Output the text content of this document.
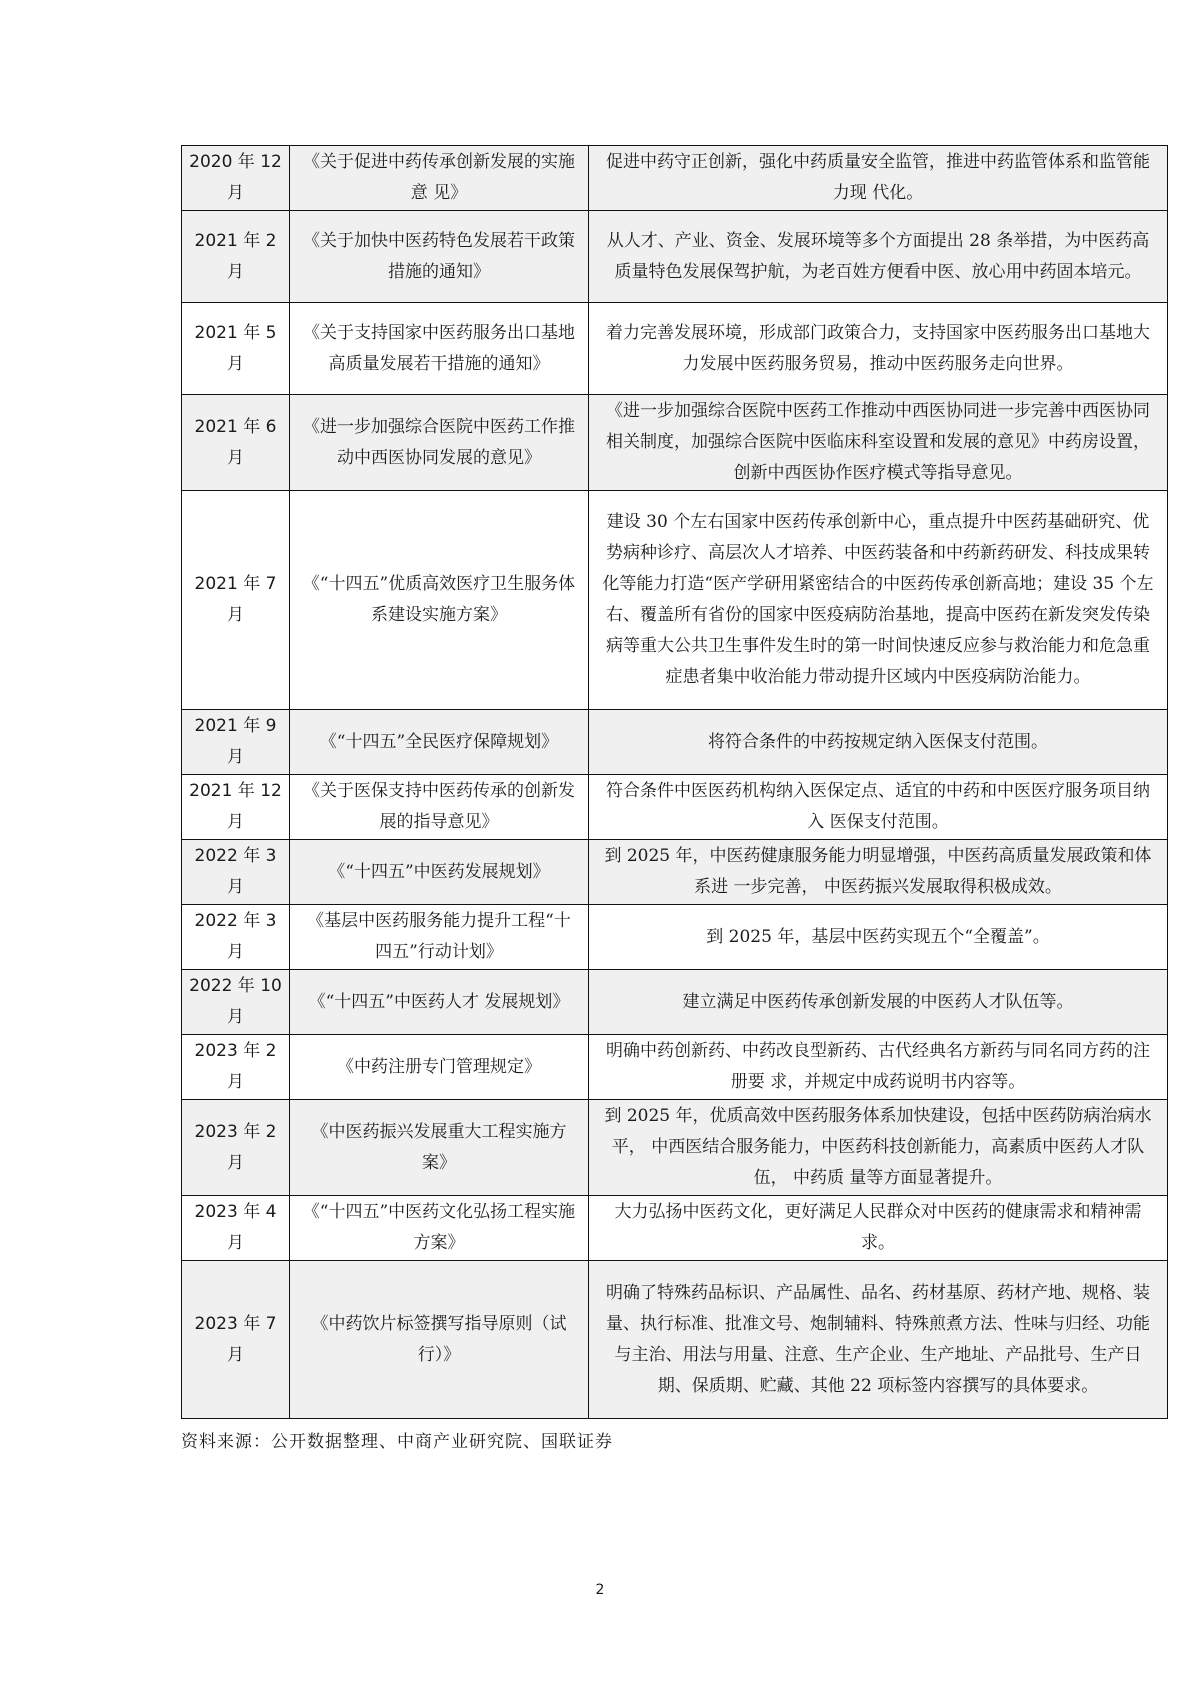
2020 年 12 月	《关于促进中药传承创新发展的实施意 见》	促进中药守正创新，强化中药质量安全监管，推进中药监管体系和监管能力现 代化。
2021 年 2 月	《关于加快中医药特色发展若干政策措施的通知》	从人才、产业、资金、发展环境等多个方面提出 28 条举措，为中医药高质量特色发展保驾护航，为老百姓方便看中医、放心用中药固本培元。
2021 年 5 月	《关于支持国家中医药服务出口基地高质量发展若干措施的通知》	着力完善发展环境，形成部门政策合力，支持国家中医药服务出口基地大力发展中医药服务贸易，推动中医药服务走向世界。
2021 年 6 月	《进一步加强综合医院中医药工作推动中西医协同发展的意见》	《进一步加强综合医院中医药工作推动中西医协同进一步完善中西医协同相关制度，加强综合医院中医临床科室设置和发展的意见》中药房设置，创新中西医协作医疗模式等指导意见。
2021 年 7 月	《“十四五”优质高效医疗卫生服务体系建设实施方案》	建设 30 个左右国家中医药传承创新中心，重点提升中医药基础研究、优势病种诊疗、高层次人才培养、中医药装备和中药新药研发、科技成果转化等能力打造“医产学研用紧密结合的中医药传承创新高地；建设 35 个左右、覆盖所有省份的国家中医疫病防治基地，提高中医药在新发突发传染病等重大公共卫生事件发生时的第一时间快速反应参与救治能力和危急重症患者集中收治能力带动提升区域内中医疫病防治能力。
2021 年 9 月	《“十四五”全民医疗保障规划》	将符合条件的中药按规定纳入医保支付范围。
2021 年 12 月	《关于医保支持中医药传承的创新发展的指导意见》	符合条件中医医药机构纳入医保定点、适宜的中药和中医医疗服务项目纳入 医保支付范围。
2022 年 3 月	《“十四五”中医药发展规划》	到 2025 年，中医药健康服务能力明显增强，中医药高质量发展政策和体系进 一步完善， 中医药振兴发展取得积极成效。
2022 年 3 月	《基层中医药服务能力提升工程“十四五”行动计划》	到 2025 年，基层中医药实现五个“全覆盖”。
2022 年 10 月	《“十四五”中医药人才 发展规划》	建立满足中医药传承创新发展的中医药人才队伍等。
2023 年 2 月	《中药注册专门管理规定》	明确中药创新药、中药改良型新药、古代经典名方新药与同名同方药的注册要 求，并规定中成药说明书内容等。
2023 年 2 月	《中医药振兴发展重大工程实施方案》	到 2025 年，优质高效中医药服务体系加快建设，包括中医药防病治病水平， 中西医结合服务能力，中医药科技创新能力，高素质中医药人才队伍， 中药质 量等方面显著提升。
2023 年 4 月	《“十四五”中医药文化弘扬工程实施方案》	大力弘扬中医药文化，更好满足人民群众对中医药的健康需求和精神需求。
2023 年 7 月	《中药饮片标签撰写指导原则（试行）》	明确了特殊药品标识、产品属性、品名、药材基原、药材产地、规格、装量、执行标准、批准文号、炮制辅料、特殊煎煮方法、性味与归经、功能与主治、用法与用量、注意、生产企业、生产地址、产品批号、生产日期、保质期、贮藏、其他 22 项标签内容撰写的具体要求。
资料来源：公开数据整理、中商产业研究院、国联证券
2
